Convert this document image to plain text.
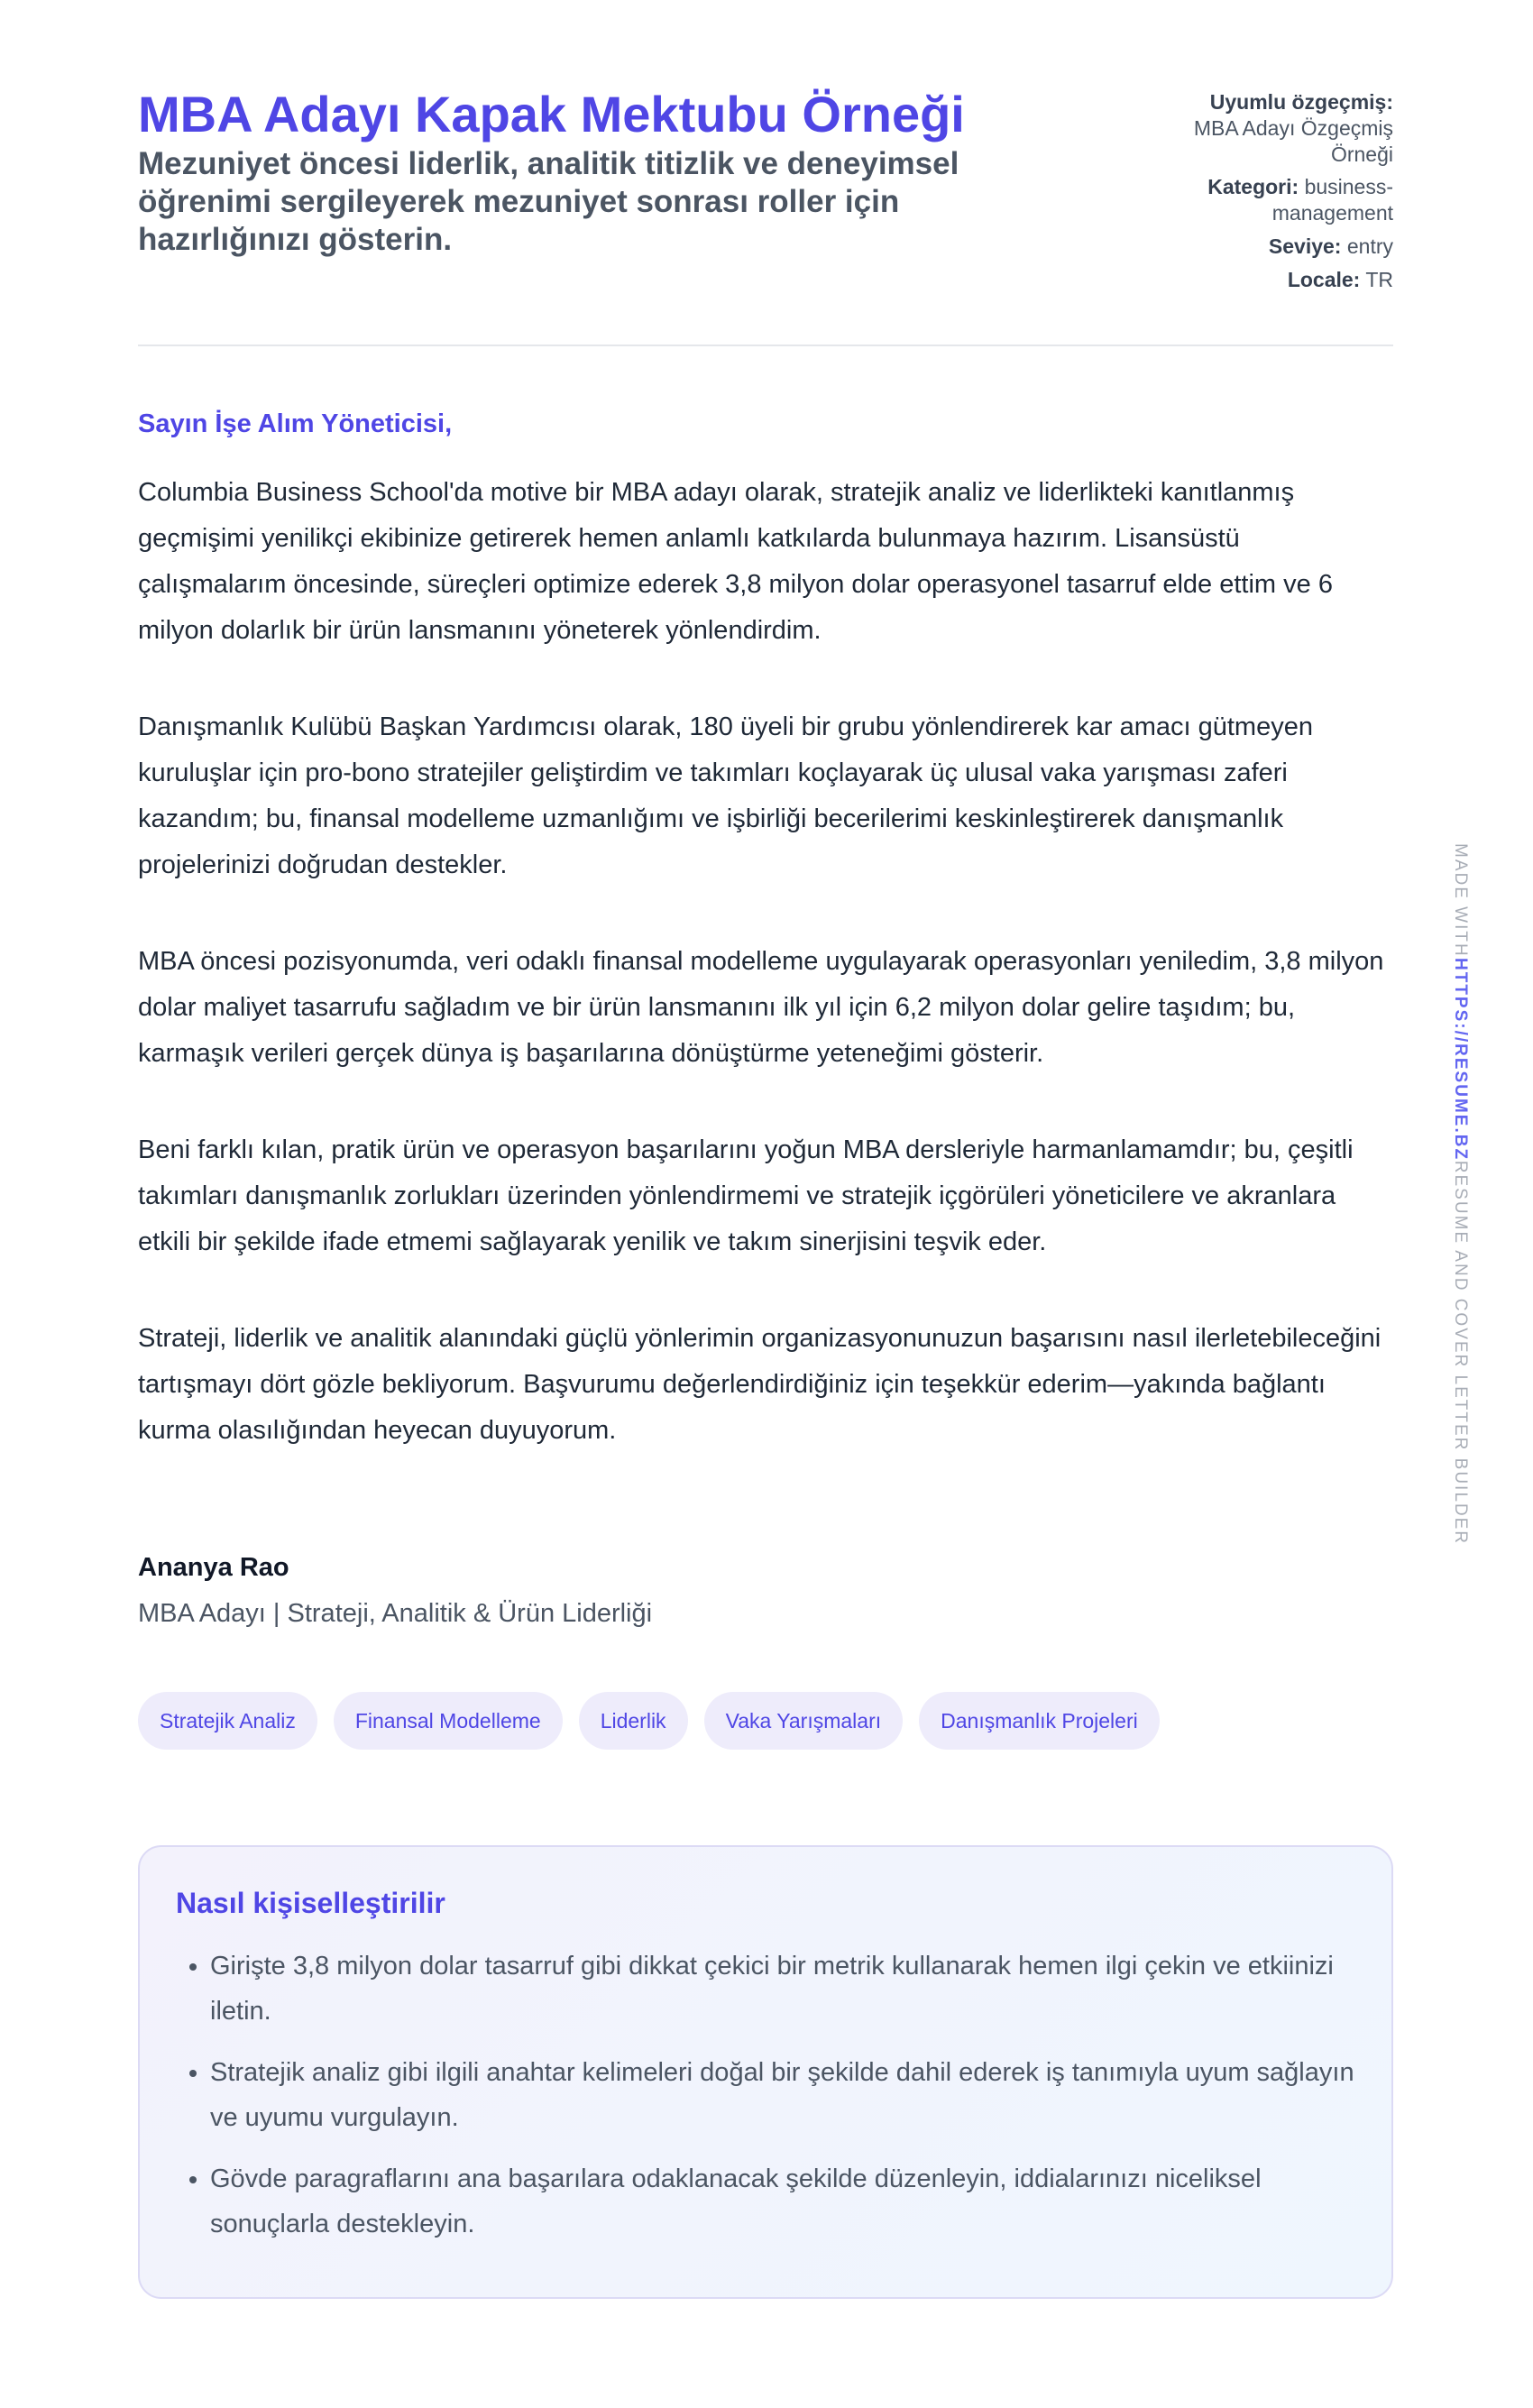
MBA Adayı Kapak Mektubu Örneği

Mezuniyet öncesi liderlik, analitik titizlik ve deneyimsel öğrenimi sergileyerek mezuniyet sonrası roller için hazırlığınızı gösterin.

Uyumlu özgeçmiş:
MBA Adayı Özgeçmiş Örneği
Kategori: business-management
Seviye: entry
Locale: TR

Sayın İşe Alım Yöneticisi,

Columbia Business School'da motive bir MBA adayı olarak, stratejik analiz ve liderlikteki kanıtlanmış geçmişimi yenilikçi ekibinize getirerek hemen anlamlı katkılarda bulunmaya hazırım. Lisansüstü çalışmalarım öncesinde, süreçleri optimize ederek 3,8 milyon dolar operasyonel tasarruf elde ettim ve 6 milyon dolarlık bir ürün lansmanını yöneterek yönlendirdim.

Danışmanlık Kulübü Başkan Yardımcısı olarak, 180 üyeli bir grubu yönlendirerek kar amacı gütmeyen kuruluşlar için pro-bono stratejiler geliştirdim ve takımları koçlayarak üç ulusal vaka yarışması zaferi kazandım; bu, finansal modelleme uzmanlığımı ve işbirliği becerilerimi keskinleştirerek danışmanlık projelerinizi doğrudan destekler.

MBA öncesi pozisyonumda, veri odaklı finansal modelleme uygulayarak operasyonları yeniledim, 3,8 milyon dolar maliyet tasarrufu sağladım ve bir ürün lansmanını ilk yıl için 6,2 milyon dolar gelire taşıdım; bu, karmaşık verileri gerçek dünya iş başarılarına dönüştürme yeteneğimi gösterir.

Beni farklı kılan, pratik ürün ve operasyon başarılarını yoğun MBA dersleriyle harmanlamamdır; bu, çeşitli takımları danışmanlık zorlukları üzerinden yönlendirmemi ve stratejik içgörüleri yöneticilere ve akranlara etkili bir şekilde ifade etmemi sağlayarak yenilik ve takım sinerjisini teşvik eder.

Strateji, liderlik ve analitik alanındaki güçlü yönlerimin organizasyonunuzun başarısını nasıl ilerletebileceğini tartışmayı dört gözle bekliyorum. Başvurumu değerlendirdiğiniz için teşekkür ederim—yakında bağlantı kurma olasılığından heyecan duyuyorum.

Ananya Rao

MBA Adayı | Strateji, Analitik & Ürün Liderliği

Stratejik Analiz	Finansal Modelleme	Liderlik	Vaka Yarışmaları	Danışmanlık Projeleri
Nasıl kişiselleştirilir
• Girişte 3,8 milyon dolar tasarruf gibi dikkat çekici bir metrik kullanarak hemen ilgi çekin ve etkiinizi iletin.
• Stratejik analiz gibi ilgili anahtar kelimeleri doğal bir şekilde dahil ederek iş tanımıyla uyum sağlayın ve uyumu vurgulayın.
• Gövde paragraflarını ana başarılara odaklanacak şekilde düzenleyin, iddialarınızı niceliksel sonuçlarla destekleyin.
MADE WITHHTTPS://RESUME.BZRESUME AND COVER LETTER BUILDER
